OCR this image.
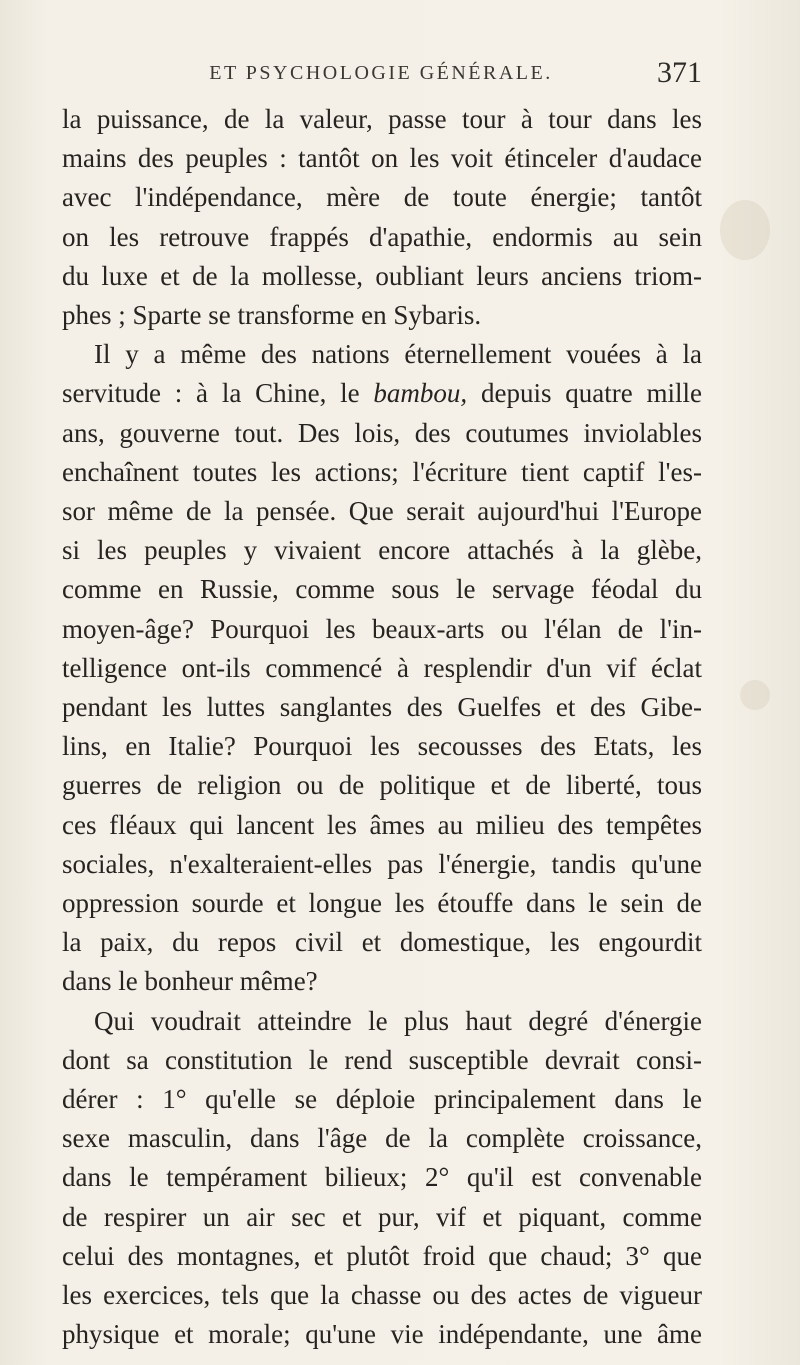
ET PSYCHOLOGIE GÉNÉRALE.	371

la puissance, de la valeur, passe tour à tour dans les
mains des peuples : tantôt on les voit étinceler d'audace
avec l'indépendance, mère de toute énergie; tantôt
on les retrouve frappés d'apathie, endormis au sein
du luxe et de la mollesse, oubliant leurs anciens triom-
phes ; Sparte se transforme en Sybaris.

Il y a même des nations éternellement vouées à la
servitude : à la Chine, le bambou, depuis quatre mille
ans, gouverne tout. Des lois, des coutumes inviolables
enchaînent toutes les actions; l'écriture tient captif l'es-
sor même de la pensée. Que serait aujourd'hui l'Europe
si les peuples y vivaient encore attachés à la glèbe,
comme en Russie, comme sous le servage féodal du
moyen-âge? Pourquoi les beaux-arts ou l'élan de l'in-
telligence ont-ils commencé à resplendir d'un vif éclat
pendant les luttes sanglantes des Guelfes et des Gibe-
lins, en Italie? Pourquoi les secousses des Etats, les
guerres de religion ou de politique et de liberté, tous
ces fléaux qui lancent les âmes au milieu des tempêtes
sociales, n'exalteraient-elles pas l'énergie, tandis qu'une
oppression sourde et longue les étouffe dans le sein de
la paix, du repos civil et domestique, les engourdit
dans le bonheur même?

Qui voudrait atteindre le plus haut degré d'énergie
dont sa constitution le rend susceptible devrait consi-
dérer : 1° qu'elle se déploie principalement dans le
sexe masculin, dans l'âge de la complète croissance,
dans le tempérament bilieux; 2° qu'il est convenable
de respirer un air sec et pur, vif et piquant, comme
celui des montagnes, et plutôt froid que chaud; 3° que
les exercices, tels que la chasse ou des actes de vigueur
physique et morale; qu'une vie indépendante, une âme
